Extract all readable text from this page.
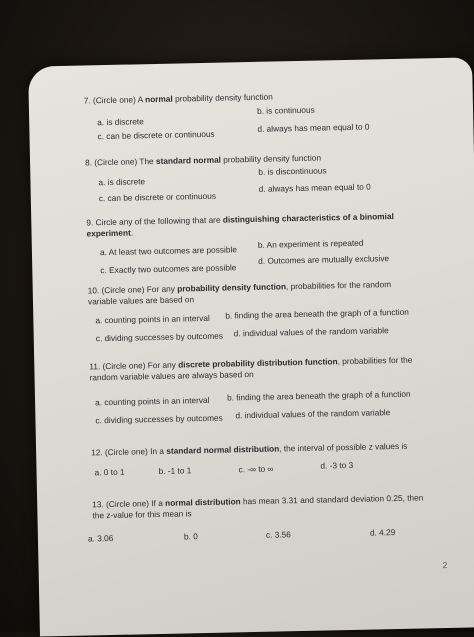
7. (Circle one) A normal probability density function
a. is discrete
b. is continuous
c. can be discrete or continuous
d. always has mean equal to 0
8. (Circle one) The standard normal probability density function
a. is discrete
b. is discontinuous
c. can be discrete or continuous
d. always has mean equal to 0
9. Circle any of the following that are distinguishing characteristics of a binomial experiment.
a. At least two outcomes are possible
b. An experiment is repeated
c. Exactly two outcomes are possible
d. Outcomes are mutually exclusive
10. (Circle one) For any probability density function, probabilities for the random variable values are based on
a. counting points in an interval b. finding the area beneath the graph of a function
c. dividing successes by outcomes d. individual values of the random variable
11. (Circle one) For any discrete probability distribution function, probabilities for the random variable values are always based on
a. counting points in an interval b. finding the area beneath the graph of a function
c. dividing successes by outcomes d. individual values of the random variable
12. (Circle one) In a standard normal distribution, the interval of possible z values is
a. 0 to 1	b. -1 to 1	c. -∞ to ∞	d. -3 to 3
13. (Circle one) If a normal distribution has mean 3.31 and standard deviation 0.25, then the z-value for this mean is
a. 3.06	b. 0	c. 3.56	d. 4.29
2
